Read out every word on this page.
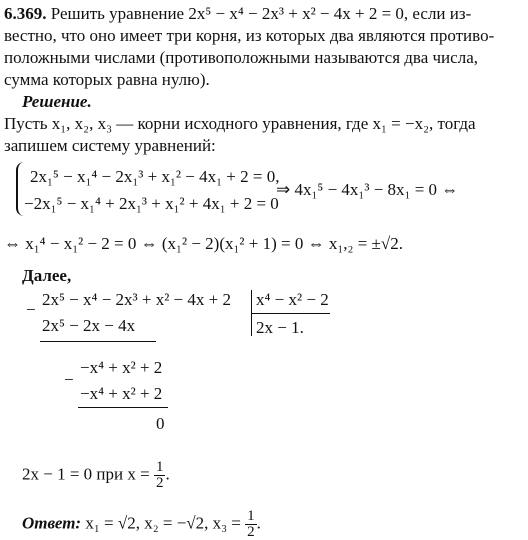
6.369. Решить уравнение 2x⁵ − x⁴ − 2x³ + x² − 4x + 2 = 0, если из-
вестно, что оно имеет три корня, из которых два являются противо-
положными числами (противоположными называются два числа,
сумма которых равна нулю).
Решение.
Пусть x₁, x₂, x₃ — корни исходного уравнения, где x₁ = −x₂, тогда
запишем систему уравнений:
2x₁⁵ − x₁⁴ − 2x₁³ + x₁² − 4x₁ + 2 = 0,
−2x₁⁵ − x₁⁴ + 2x₁³ + x₁² + 4x₁ + 2 = 0
⇒ 4x₁⁵ − 4x₁³ − 8x₁ = 0 ⇔
⇔ x₁⁴ − x₁² − 2 = 0 ⇔ (x₁² − 2)(x₁² + 1) = 0 ⇔ x₁,₂ = ±√2.
Далее,
−
2x⁵ − x⁴ − 2x³ + x² − 4x + 2 x⁴ − x² − 2
2x⁵ − 2x − 4x	2x − 1.
−
−x⁴ + x² + 2
−x⁴ + x² + 2
0
2x − 1 = 0 при $x = \frac{1}{2}$ .
Ответ: x₁ = √2, x₂ = −√2, $x_3 = \frac{1}{2}$ .
